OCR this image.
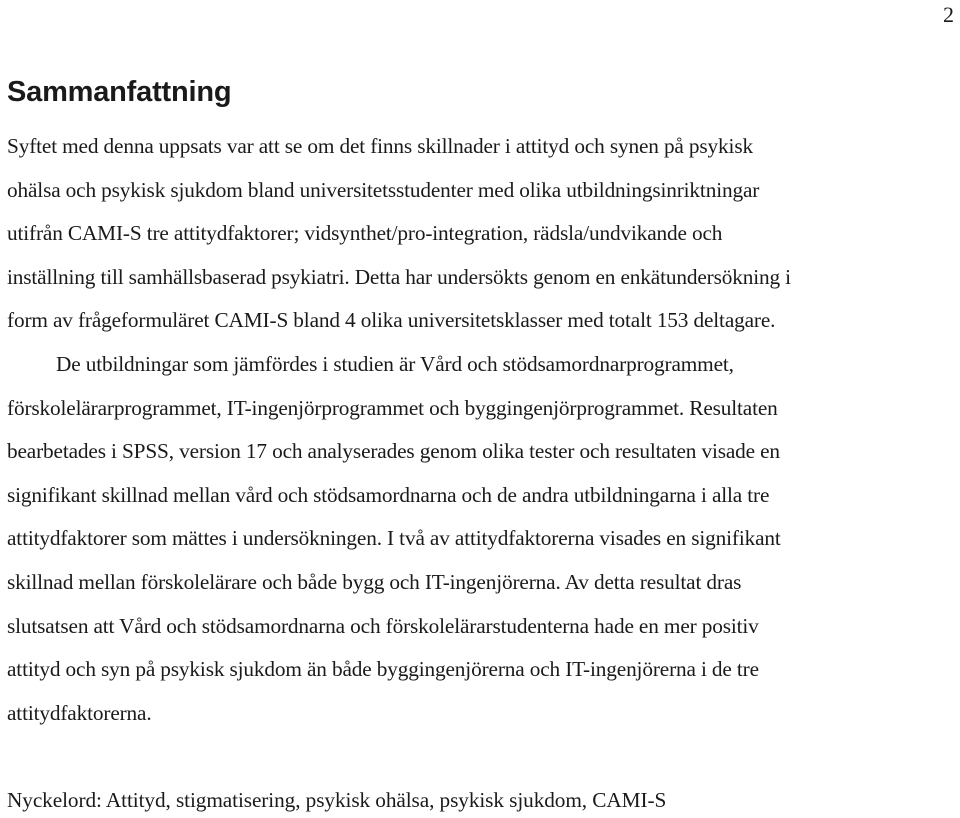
2
Sammanfattning
Syftet med denna uppsats var att se om det finns skillnader i attityd och synen på psykisk
ohälsa och psykisk sjukdom bland universitetsstudenter med olika utbildningsinriktningar
utifrån CAMI-S tre attitydfaktorer; vidsynthet/pro-integration, rädsla/undvikande och
inställning till samhällsbaserad psykiatri. Detta har undersökts genom en enkätundersökning i
form av frågeformuläret CAMI-S bland 4 olika universitetsklasser med totalt 153 deltagare.
De utbildningar som jämfördes i studien är Vård och stödsamordnarprogrammet,
förskolelärarprogrammet, IT-ingenjörprogrammet och byggingenjörprogrammet. Resultaten
bearbetades i SPSS, version 17 och analyserades genom olika tester och resultaten visade en
signifikant skillnad mellan vård och stödsamordnarna och de andra utbildningarna i alla tre
attitydfaktorer som mättes i undersökningen. I två av attitydfaktorerna visades en signifikant
skillnad mellan förskolelärare och både bygg och IT-ingenjörerna. Av detta resultat dras
slutsatsen att Vård och stödsamordnarna och förskolelärarstudenterna hade en mer positiv
attityd och syn på psykisk sjukdom än både byggingenjörerna och IT-ingenjörerna i de tre
attitydfaktorerna.
Nyckelord: Attityd, stigmatisering, psykisk ohälsa, psykisk sjukdom, CAMI-S
